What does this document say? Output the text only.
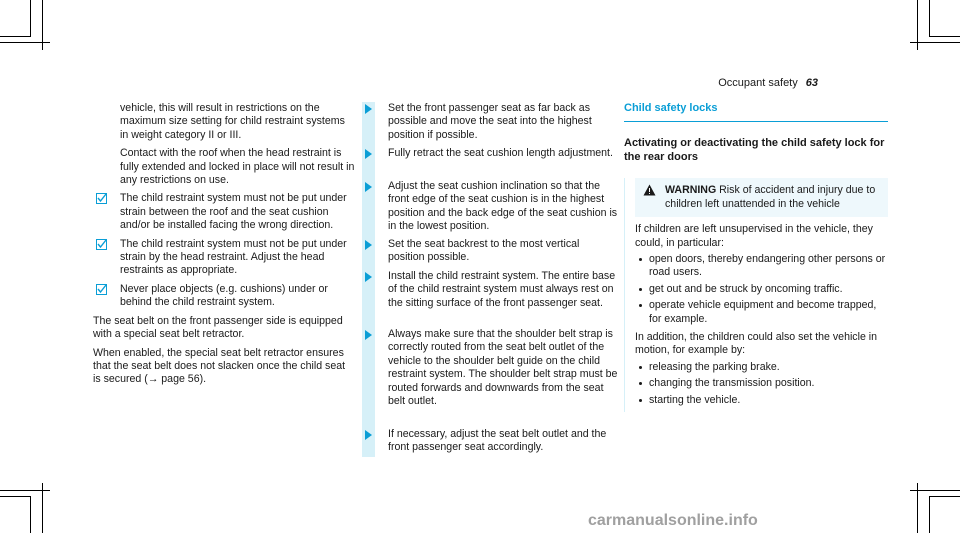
Occupant safety 63

vehicle, this will result in restrictions on the maximum size setting for child restraint systems in weight category II or III.

Contact with the roof when the head restraint is fully extended and locked in place will not result in any restrictions on use.

The child restraint system must not be put under strain between the roof and the seat cushion and/or be installed facing the wrong direction.
The child restraint system must not be put under strain by the head restraint. Adjust the head restraints as appropriate.
Never place objects (e.g. cushions) under or behind the child restraint system.

The seat belt on the front passenger side is equipped with a special seat belt retractor.

When enabled, the special seat belt retractor ensures that the seat belt does not slacken once the child seat is secured (→ page 56).

Set the front passenger seat as far back as possible and move the seat into the highest position if possible.
Fully retract the seat cushion length adjustment.
Adjust the seat cushion inclination so that the front edge of the seat cushion is in the highest position and the back edge of the seat cushion is in the lowest position.
Set the seat backrest to the most vertical position possible.
Install the child restraint system. The entire base of the child restraint system must always rest on the sitting surface of the front passenger seat.
Always make sure that the shoulder belt strap is correctly routed from the seat belt outlet of the vehicle to the shoulder belt guide on the child restraint system. The shoulder belt strap must be routed forwards and downwards from the seat belt outlet.
If necessary, adjust the seat belt outlet and the front passenger seat accordingly.
Child safety locks
Activating or deactivating the child safety lock for the rear doors
WARNING Risk of accident and injury due to children left unattended in the vehicle

If children are left unsupervised in the vehicle, they could, in particular:

open doors, thereby endangering other persons or road users.
get out and be struck by oncoming traffic.
operate vehicle equipment and become trapped, for example.

In addition, the children could also set the vehicle in motion, for example by:

releasing the parking brake.
changing the transmission position.
starting the vehicle.
carmanualsonline.info
